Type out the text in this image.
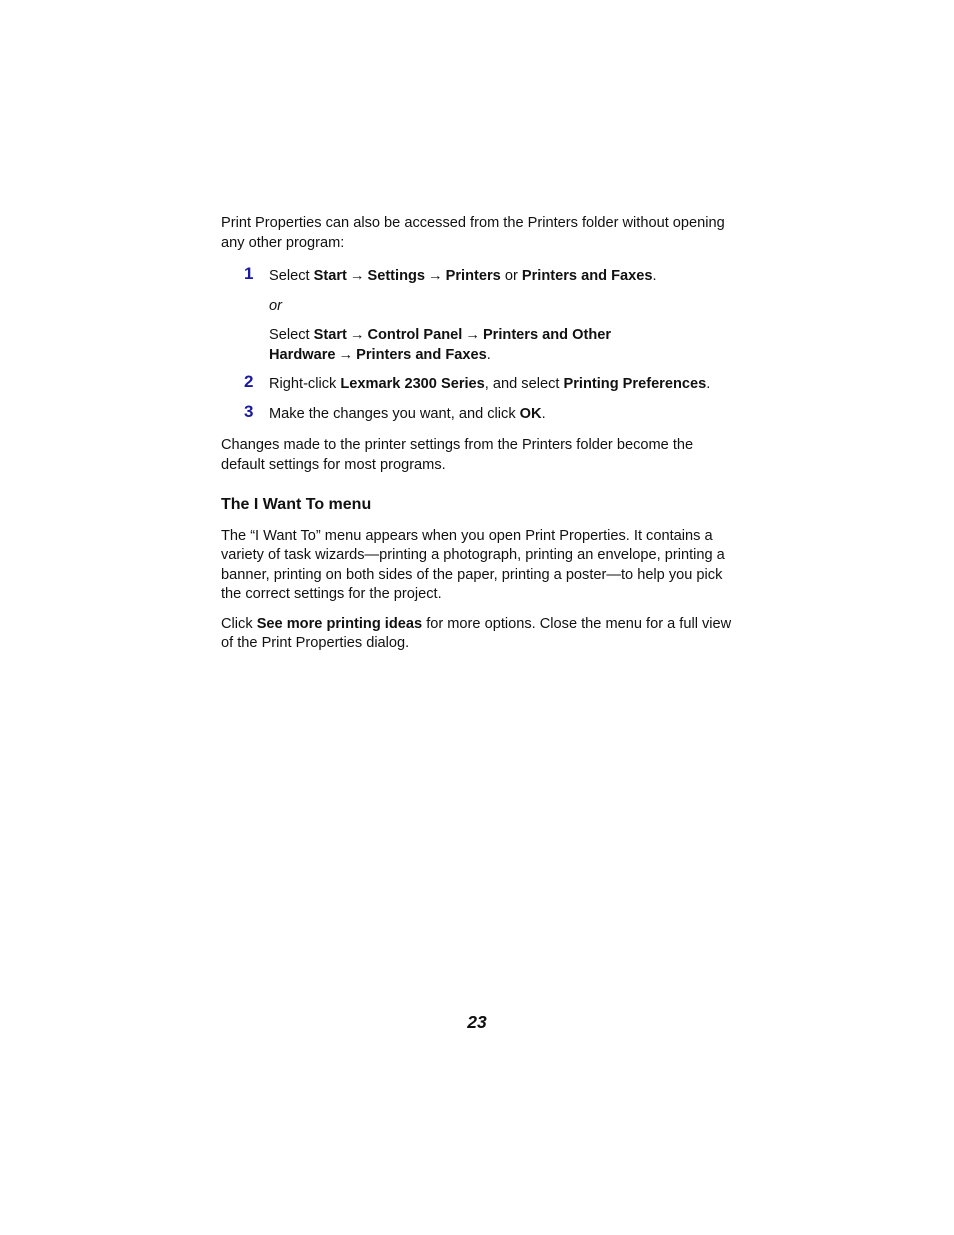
Print Properties can also be accessed from the Printers folder without opening any other program:

1 Select Start → Settings → Printers or Printers and Faxes.

or

Select Start → Control Panel → Printers and Other Hardware → Printers and Faxes.

2 Right-click Lexmark 2300 Series, and select Printing Preferences.

3 Make the changes you want, and click OK.

Changes made to the printer settings from the Printers folder become the default settings for most programs.

The I Want To menu

The “I Want To” menu appears when you open Print Properties. It contains a variety of task wizards—printing a photograph, printing an envelope, printing a banner, printing on both sides of the paper, printing a poster—to help you pick the correct settings for the project.

Click See more printing ideas for more options. Close the menu for a full view of the Print Properties dialog.

23
